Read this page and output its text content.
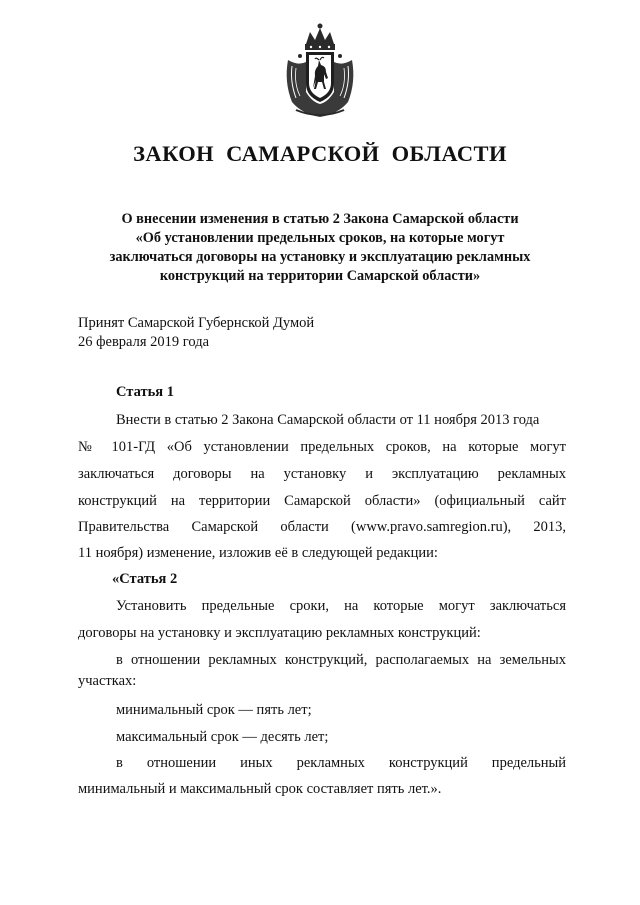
ЗАКОН САМАРСКОЙ ОБЛАСТИ
О внесении изменения в статью 2 Закона Самарской области
«Об установлении предельных сроков, на которые могут
заключаться договоры на установку и эксплуатацию рекламных
конструкций на территории Самарской области»
Принят Самарской Губернской Думой
26 февраля 2019 года
Статья 1
Внести в статью 2 Закона Самарской области от 11 ноября 2013 года
№ 101-ГД «Об установлении предельных сроков, на которые могут
заключаться договоры на установку и эксплуатацию рекламных
конструкций на территории Самарской области» (официальный сайт
Правительства Самарской области (www.pravo.samregion.ru), 2013,
11 ноября) изменение, изложив её в следующей редакции:
«Статья 2
Установить предельные сроки, на которые могут заключаться
договоры на установку и эксплуатацию рекламных конструкций:
в отношении рекламных конструкций, располагаемых на земельных
участках:
минимальный срок — пять лет;
максимальный срок — десять лет;
в отношении иных рекламных конструкций предельный
минимальный и максимальный срок составляет пять лет.».
